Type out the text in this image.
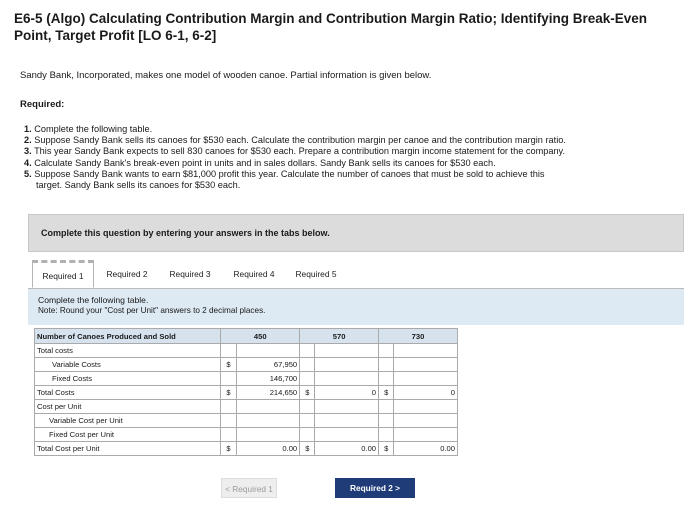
E6-5 (Algo) Calculating Contribution Margin and Contribution Margin Ratio; Identifying Break-Even Point, Target Profit [LO 6-1, 6-2]
Sandy Bank, Incorporated, makes one model of wooden canoe. Partial information is given below.
Required:
1. Complete the following table.
2. Suppose Sandy Bank sells its canoes for $530 each. Calculate the contribution margin per canoe and the contribution margin ratio.
3. This year Sandy Bank expects to sell 830 canoes for $530 each. Prepare a contribution margin income statement for the company.
4. Calculate Sandy Bank's break-even point in units and in sales dollars. Sandy Bank sells its canoes for $530 each.
5. Suppose Sandy Bank wants to earn $81,000 profit this year. Calculate the number of canoes that must be sold to achieve this
target. Sandy Bank sells its canoes for $530 each.
Complete this question by entering your answers in the tabs below.
Required 1	Required 2	Required 3	Required 4	Required 5
Complete the following table.
Note: Round your "Cost per Unit" answers to 2 decimal places.
Number of Canoes Produced and Sold	450		570		730	
Total costs						
Variable Costs	$	67,950				
Fixed Costs		146,700				
Total Costs	$	214,650	$	0	$	0
Cost per Unit						
Variable Cost per Unit						
Fixed Cost per Unit						
Total Cost per Unit	$	0.00	$	0.00	$	0.00
< Required 1	Required 2 >
